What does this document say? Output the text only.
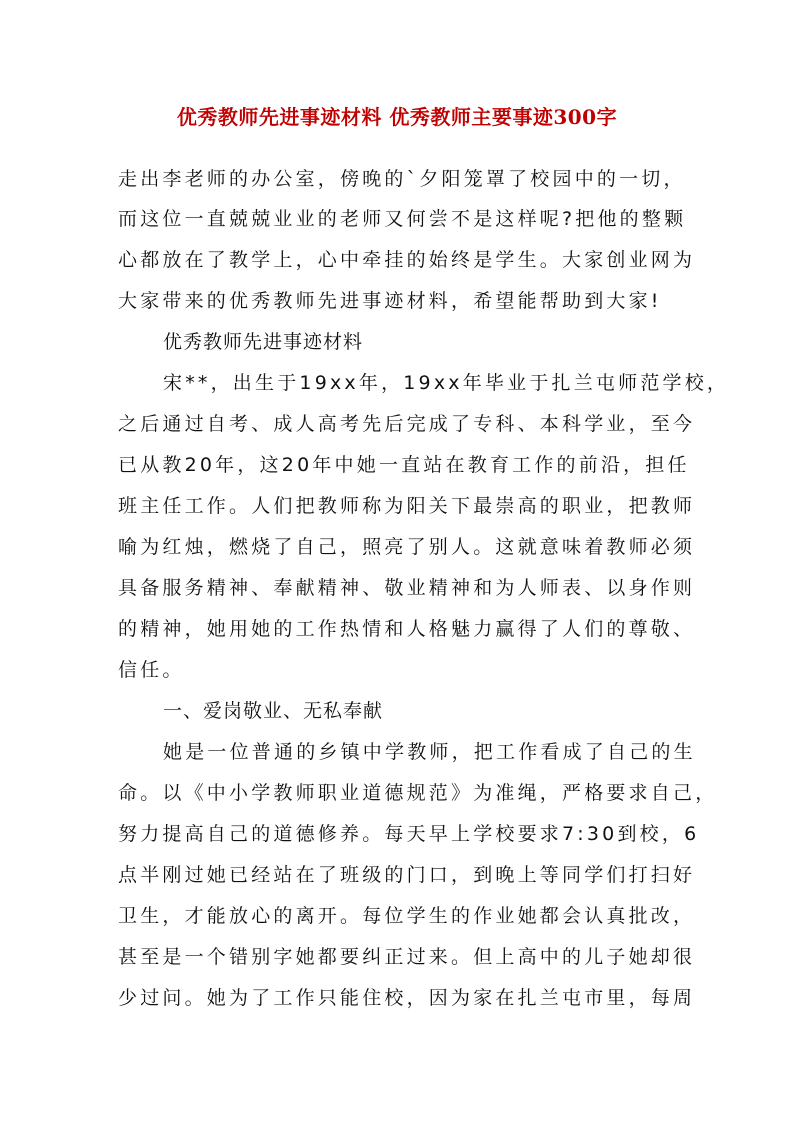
优秀教师先进事迹材料 优秀教师主要事迹300字
走出李老师的办公室，傍晚的`夕阳笼罩了校园中的一切，
而这位一直兢兢业业的老师又何尝不是这样呢?把他的整颗
心都放在了教学上，心中牵挂的始终是学生。大家创业网为
大家带来的优秀教师先进事迹材料，希望能帮助到大家!
优秀教师先进事迹材料
宋**，出生于19xx年，19xx年毕业于扎兰屯师范学校，
之后通过自考、成人高考先后完成了专科、本科学业，至今
已从教20年，这20年中她一直站在教育工作的前沿，担任
班主任工作。人们把教师称为阳关下最崇高的职业，把教师
喻为红烛，燃烧了自己，照亮了别人。这就意味着教师必须
具备服务精神、奉献精神、敬业精神和为人师表、以身作则
的精神，她用她的工作热情和人格魅力赢得了人们的尊敬、
信任。
一、爱岗敬业、无私奉献
她是一位普通的乡镇中学教师，把工作看成了自己的生
命。以《中小学教师职业道德规范》为准绳，严格要求自己，
努力提高自己的道德修养。每天早上学校要求7:30到校，6
点半刚过她已经站在了班级的门口，到晚上等同学们打扫好
卫生，才能放心的离开。每位学生的作业她都会认真批改，
甚至是一个错别字她都要纠正过来。但上高中的儿子她却很
少过问。她为了工作只能住校，因为家在扎兰屯市里，每周
